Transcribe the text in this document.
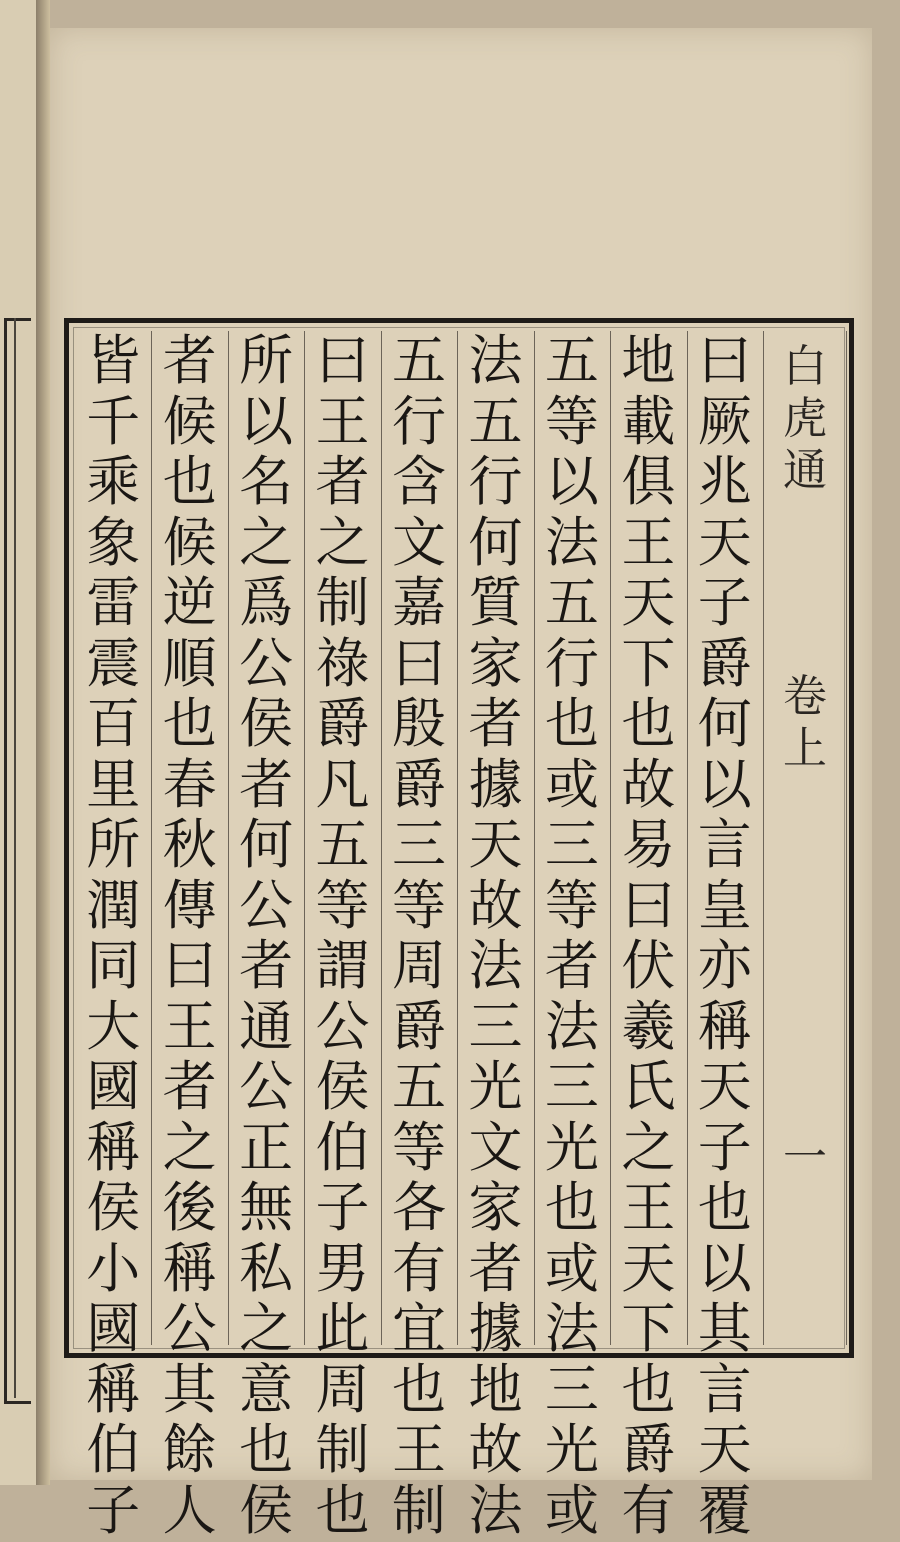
曰
厥
兆
天
子
爵
何
以
言
皇
亦
稱
天
子
也
以
其
言
天
覆
地
載
俱
王
天
下
也
故
易
曰
伏
羲
氏
之
王
天
下
也
爵
有
五
等
以
法
五
行
也
或
三
等
者
法
三
光
也
或
法
三
光
或
法
五
行
何
質
家
者
據
天
故
法
三
光
文
家
者
據
地
故
法
五
行
含
文
嘉
曰
殷
爵
三
等
周
爵
五
等
各
有
宜
也
王
制
曰
王
者
之
制
祿
爵
凡
五
等
謂
公
侯
伯
子
男
此
周
制
也
所
以
名
之
爲
公
侯
者
何
公
者
通
公
正
無
私
之
意
也
侯
者
候
也
候
逆
順
也
春
秋
傳
曰
王
者
之
後
稱
公
其
餘
人
皆
千
乘
象
雷
震
百
里
所
潤
同
大
國
稱
侯
小
國
稱
伯
子
白
虎
通
卷
上
一
